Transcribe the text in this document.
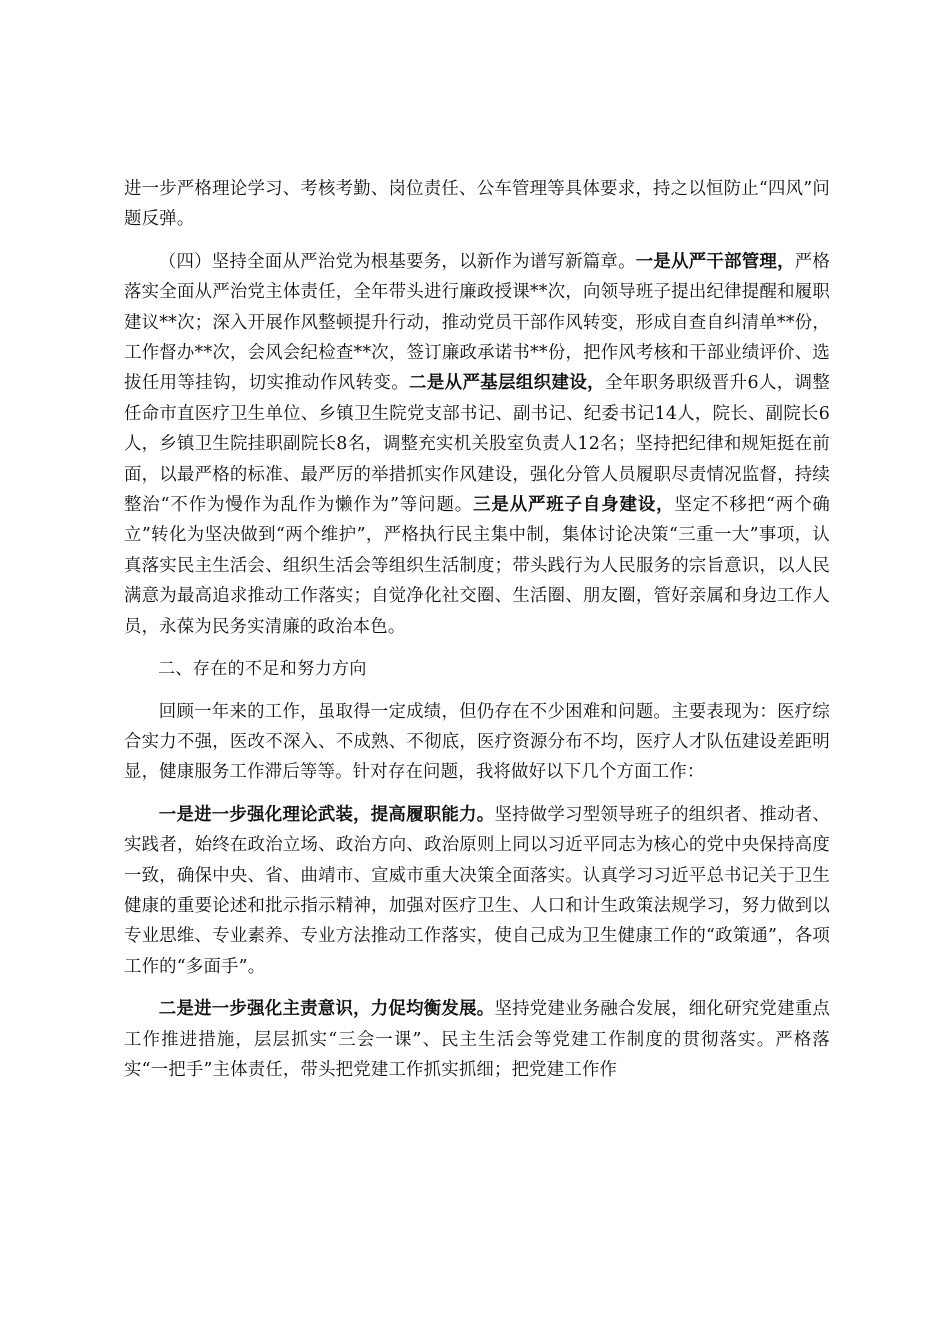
进一步严格理论学习、考核考勤、岗位责任、公车管理等具体要求，持之以恒防止“四风”问题反弹。

（四）坚持全面从严治党为根基要务，以新作为谱写新篇章。一是从严干部管理，严格落实全面从严治党主体责任，全年带头进行廉政授课**次，向领导班子提出纪律提醒和履职建议**次；深入开展作风整顿提升行动，推动党员干部作风转变，形成自查自纠清单**份，工作督办**次，会风会纪检查**次，签订廉政承诺书**份，把作风考核和干部业绩评价、选拔任用等挂钩，切实推动作风转变。二是从严基层组织建设，全年职务职级晋升6人，调整任命市直医疗卫生单位、乡镇卫生院党支部书记、副书记、纪委书记14人，院长、副院长6人，乡镇卫生院挂职副院长8名，调整充实机关股室负责人12名；坚持把纪律和规矩挺在前面，以最严格的标准、最严厉的举措抓实作风建设，强化分管人员履职尽责情况监督，持续整治“不作为慢作为乱作为懒作为”等问题。三是从严班子自身建设，坚定不移把“两个确立”转化为坚决做到“两个维护”，严格执行民主集中制，集体讨论决策“三重一大”事项，认真落实民主生活会、组织生活会等组织生活制度；带头践行为人民服务的宗旨意识，以人民满意为最高追求推动工作落实；自觉净化社交圈、生活圈、朋友圈，管好亲属和身边工作人员，永葆为民务实清廉的政治本色。

二、存在的不足和努力方向

回顾一年来的工作，虽取得一定成绩，但仍存在不少困难和问题。主要表现为：医疗综合实力不强，医改不深入、不成熟、不彻底，医疗资源分布不均，医疗人才队伍建设差距明显，健康服务工作滞后等等。针对存在问题，我将做好以下几个方面工作：

一是进一步强化理论武装，提高履职能力。坚持做学习型领导班子的组织者、推动者、实践者，始终在政治立场、政治方向、政治原则上同以习近平同志为核心的党中央保持高度一致，确保中央、省、曲靖市、宣威市重大决策全面落实。认真学习习近平总书记关于卫生健康的重要论述和批示指示精神，加强对医疗卫生、人口和计生政策法规学习，努力做到以专业思维、专业素养、专业方法推动工作落实，使自己成为卫生健康工作的“政策通”，各项工作的“多面手”。

二是进一步强化主责意识，力促均衡发展。坚持党建业务融合发展，细化研究党建重点工作推进措施，层层抓实“三会一课”、民主生活会等党建工作制度的贯彻落实。严格落实“一把手”主体责任，带头把党建工作抓实抓细；把党建工作作
